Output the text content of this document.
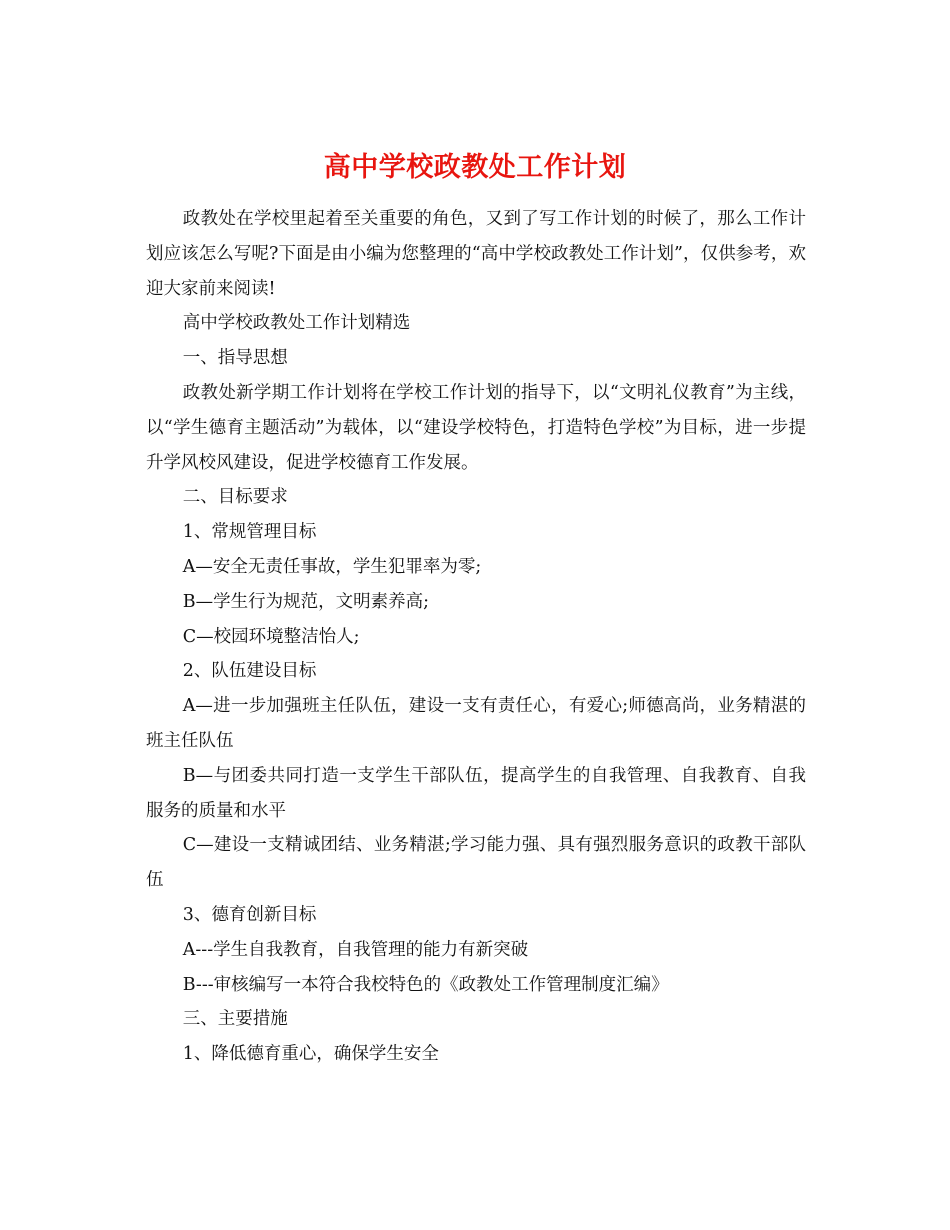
高中学校政教处工作计划

政教处在学校里起着至关重要的角色，又到了写工作计划的时候了，那么工作计划应该怎么写呢?下面是由小编为您整理的“高中学校政教处工作计划”，仅供参考，欢迎大家前来阅读!

高中学校政教处工作计划精选

一、指导思想

政教处新学期工作计划将在学校工作计划的指导下，以“文明礼仪教育”为主线，以“学生德育主题活动”为载体，以“建设学校特色，打造特色学校”为目标，进一步提升学风校风建设，促进学校德育工作发展。

二、目标要求

1、常规管理目标

A—安全无责任事故，学生犯罪率为零;

B—学生行为规范，文明素养高;

C—校园环境整洁怡人;

2、队伍建设目标

A—进一步加强班主任队伍，建设一支有责任心，有爱心;师德高尚，业务精湛的班主任队伍

B—与团委共同打造一支学生干部队伍，提高学生的自我管理、自我教育、自我服务的质量和水平

C—建设一支精诚团结、业务精湛;学习能力强、具有强烈服务意识的政教干部队伍

3、德育创新目标

A---学生自我教育，自我管理的能力有新突破

B---审核编写一本符合我校特色的《政教处工作管理制度汇编》

三、主要措施

1、降低德育重心，确保学生安全
